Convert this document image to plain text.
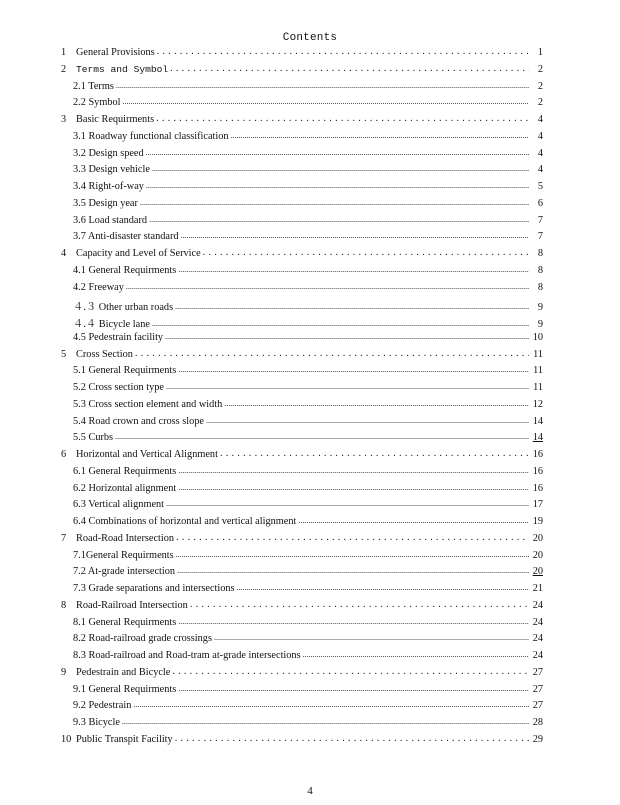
Contents
1 General Provisions .....	1
2	Terms and Symbol .....	2
2.1 Terms .....	2
2.2 Symbol .....	2
3 Basic Requirments .....	4
3.1 Roadway functional classification .....	4
3.2 Design speed .....	4
3.3 Design vehicle .....	4
3.4 Right-of-way .....	5
3.5 Design year .....	6
3.6 Load standard .....	7
3.7 Anti-disaster standard .....	7
4 Capacity and Level of Service .....	8
4.1 General Requirments .....	8
4.2 Freeway .....	8
４.３ Other urban roads .....	9
４.４ Bicycle lane .....	9
4.5 Pedestrain facility .....	10
5 Cross Section .....	11
5.1 General Requirments .....	11
5.2 Cross section type .....	11
5.3 Cross section element and width .....	12
5.4 Road crown and cross slope .....	14
5.5 Curbs .....	14
6 Horizontal and Vertical Alignment .....	16
6.1 General Requirments .....	16
6.2 Horizontal alignment .....	16
6.3 Vertical alignment .....	17
6.4 Combinations of horizontal and vertical alignment .....	19
7 Road-Road Intersection .....	20
7.1General Requirments .....	20
7.2 At-grade intersection .....	20
7.3 Grade separations and intersections .....	21
8 Road-Railroad Intersection .....	24
8.1 General Requirments .....	24
8.2 Road-railroad grade crossings .....	24
8.3 Road-railroad and Road-tram at-grade intersections .....	24
9 Pedestrain and Bicycle .....	27
9.1 General Requirments .....	27
9.2 Pedestrain .....	27
9.3 Bicycle .....	28
10 Public Transpit Facility .....	29
4
